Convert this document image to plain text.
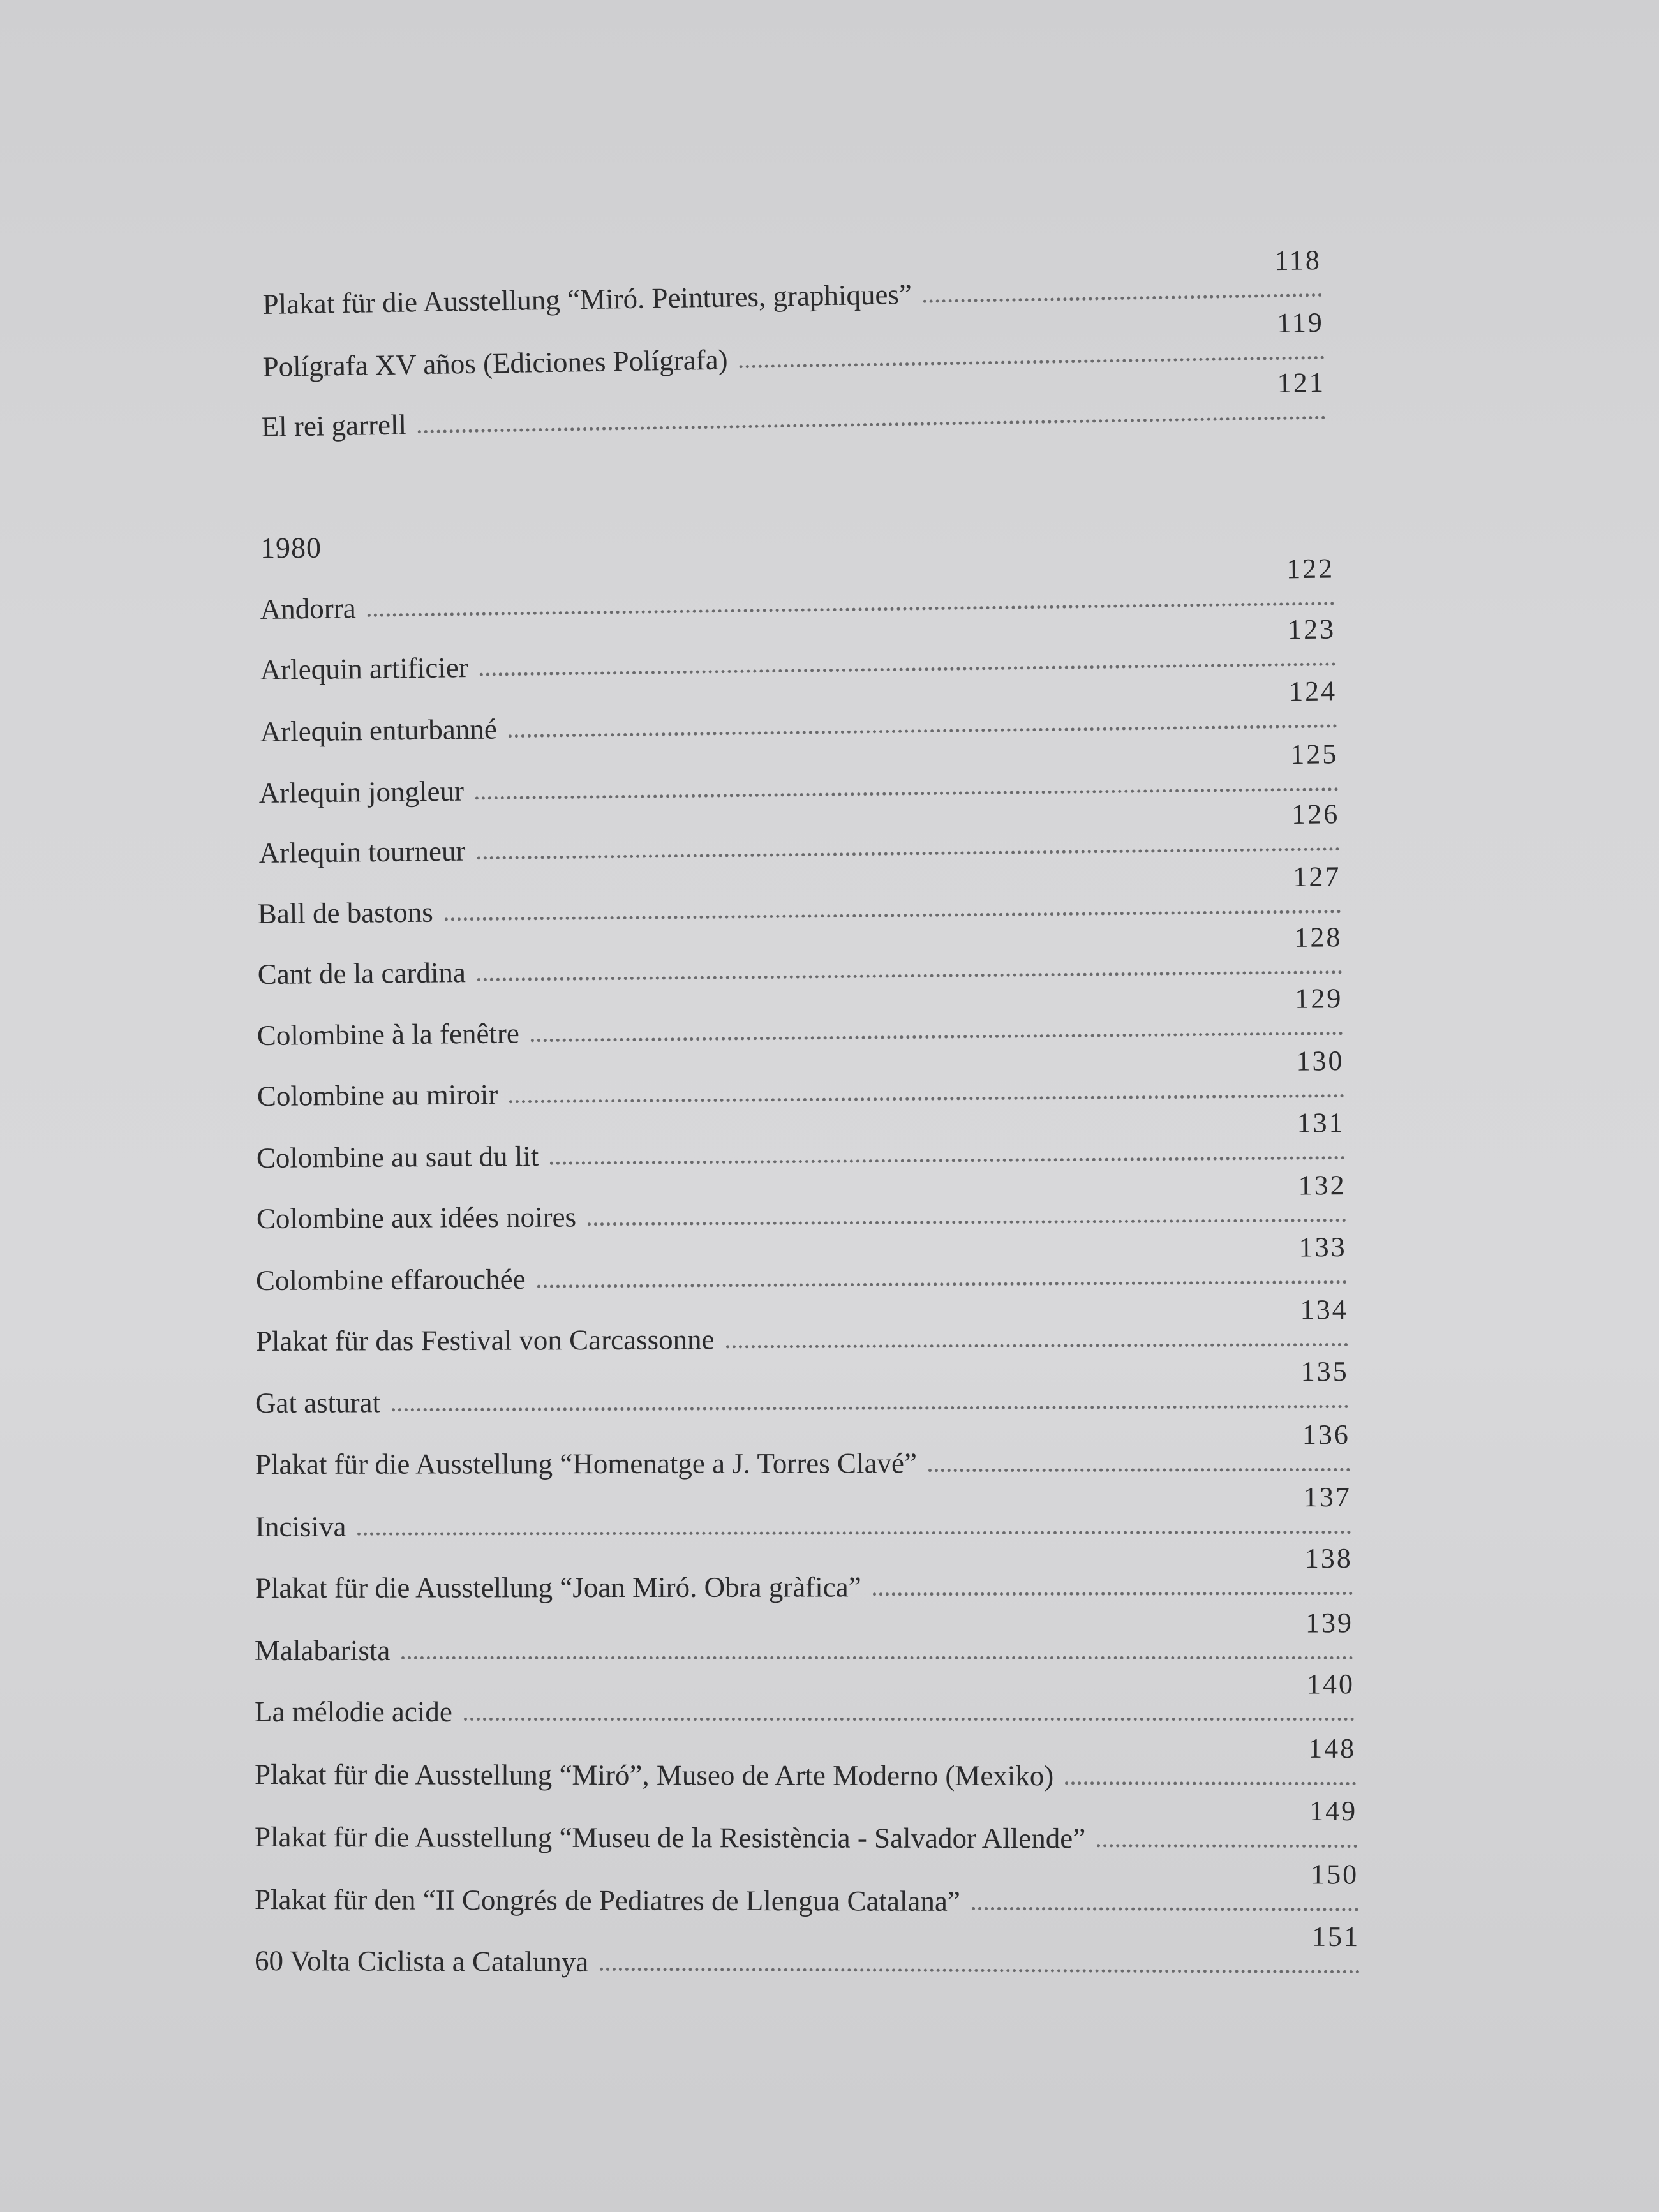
Plakat für die Ausstellung “Miró. Peintures, graphiques”
118
Polígrafa XV años (Ediciones Polígrafa)
119
El rei garrell
121
1980
Andorra
122
Arlequin artificier
123
Arlequin enturbanné
124
Arlequin jongleur
125
Arlequin tourneur
126
Ball de bastons
127
Cant de la cardina
128
Colombine à la fenêtre
129
Colombine au miroir
130
Colombine au saut du lit
131
Colombine aux idées noires
132
Colombine effarouchée
133
Plakat für das Festival von Carcassonne
134
Gat asturat
135
Plakat für die Ausstellung “Homenatge a J. Torres Clavé”
136
Incisiva
137
Plakat für die Ausstellung “Joan Miró. Obra gràfica”
138
Malabarista
139
La mélodie acide
140
Plakat für die Ausstellung “Miró”, Museo de Arte Moderno (Mexiko)
148
Plakat für die Ausstellung “Museu de la Resistència - Salvador Allende”
149
Plakat für den “II Congrés de Pediatres de Llengua Catalana”
150
60 Volta Ciclista a Catalunya
151
